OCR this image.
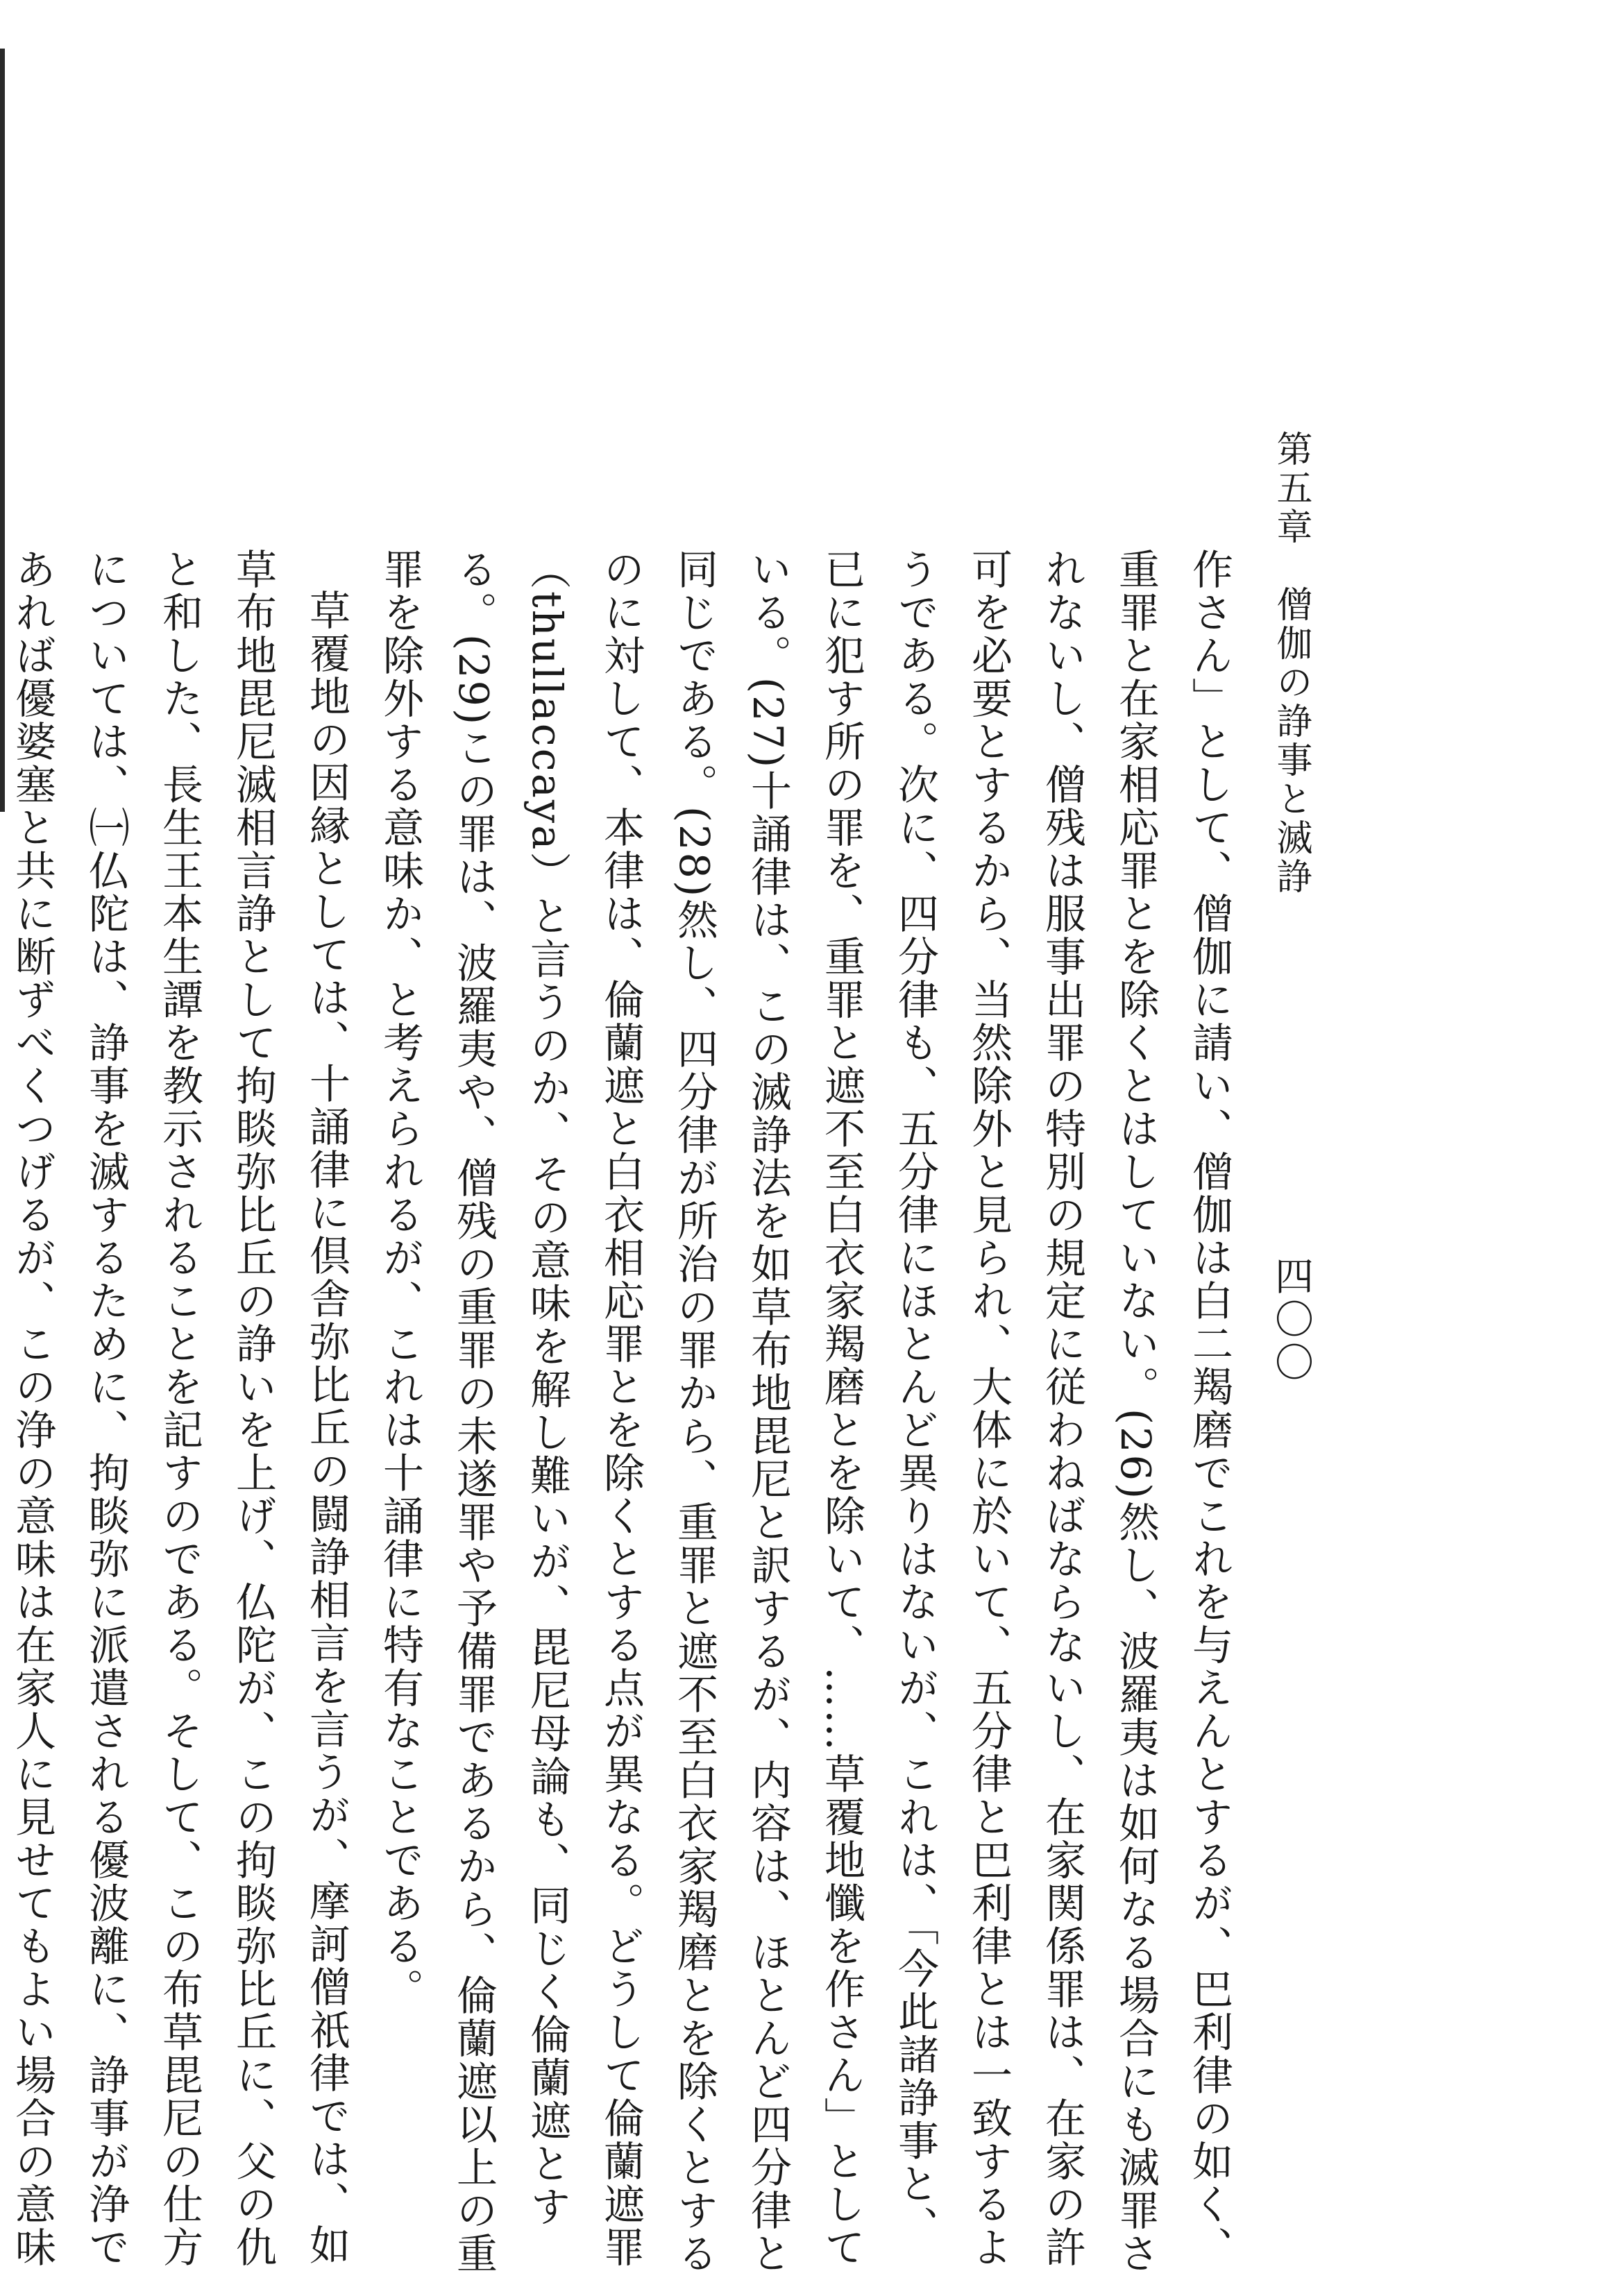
四〇〇
第五章　僧伽の諍事と滅諍

作さん」として、僧伽に請い、僧伽は白二羯磨でこれを与えんとするが、巴利律の如く、重罪と在家相応罪とを除くとはしていない。(26)然し、波羅夷は如何なる場合にも滅罪されないし、僧残は服事出罪の特別の規定に従わねばならないし、在家関係罪は、在家の許可を必要とするから、当然除外と見られ、大体に於いて、五分律と巴利律とは一致するようである。次に、四分律も、五分律にほとんど異りはないが、これは、「今此諸諍事と、已に犯す所の罪を、重罪と遮不至白衣家羯磨とを除いて、……草覆地懺を作さん」としている。(27)十誦律は、この滅諍法を如草布地毘尼と訳するが、内容は、ほとんど四分律と同じである。(28)然し、四分律が所治の罪から、重罪と遮不至白衣家羯磨とを除くとするのに対して、本律は、倫蘭遮と白衣相応罪とを除くとする点が異なる。どうして倫蘭遮罪（thullaccaya）と言うのか、その意味を解し難いが、毘尼母論も、同じく倫蘭遮とする。(29)この罪は、波羅夷や、僧残の重罪の未遂罪や予備罪であるから、倫蘭遮以上の重罪を除外する意味か、と考えられるが、これは十誦律に特有なことである。

草覆地の因縁としては、十誦律に倶舎弥比丘の闘諍相言を言うが、摩訶僧祇律では、如草布地毘尼滅相言諍として拘睒弥比丘の諍いを上げ、仏陀が、この拘睒弥比丘に、父の仇と和した、長生王本生譚を教示されることを記すのである。そして、この布草毘尼の仕方については、㈠仏陀は、諍事を滅するために、拘睒弥に派遣される優波離に、諍事が浄であれば優婆塞と共に断ずべくつげるが、この浄の意味は在家人に見せてもよい場合の意味
